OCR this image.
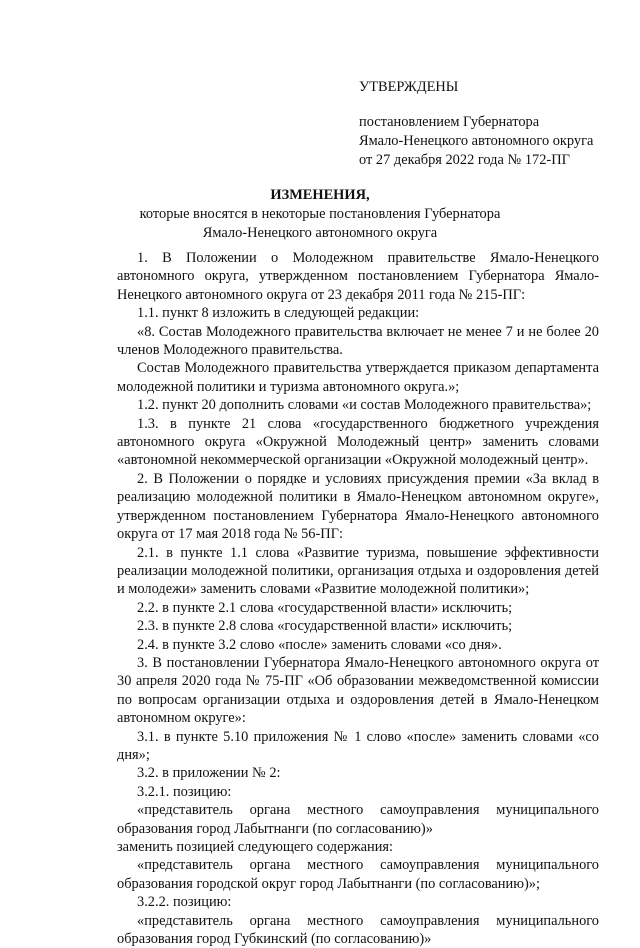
УТВЕРЖДЕНЫ
постановлением Губернатора
Ямало-Ненецкого автономного округа
от 27 декабря 2022 года № 172-ПГ
ИЗМЕНЕНИЯ,
которые вносятся в некоторые постановления Губернатора
Ямало-Ненецкого автономного округа

1. В Положении о Молодежном правительстве Ямало-Ненецкого автономного округа, утвержденном постановлением Губернатора Ямало-Ненецкого автономного округа от 23 декабря 2011 года № 215-ПГ:

1.1. пункт 8 изложить в следующей редакции:

«8. Состав Молодежного правительства включает не менее 7 и не более 20 членов Молодежного правительства.

Состав Молодежного правительства утверждается приказом департамента молодежной политики и туризма автономного округа.»;

1.2. пункт 20 дополнить словами «и состав Молодежного правительства»;

1.3. в пункте 21 слова «государственного бюджетного учреждения автономного округа «Окружной Молодежный центр» заменить словами «автономной некоммерческой организации «Окружной молодежный центр».

2. В Положении о порядке и условиях присуждения премии «За вклад в реализацию молодежной политики в Ямало-Ненецком автономном округе», утвержденном постановлением Губернатора Ямало-Ненецкого автономного округа от 17 мая 2018 года № 56-ПГ:

2.1. в пункте 1.1 слова «Развитие туризма, повышение эффективности реализации молодежной политики, организация отдыха и оздоровления детей и молодежи» заменить словами «Развитие молодежной политики»;

2.2. в пункте 2.1 слова «государственной власти» исключить;

2.3. в пункте 2.8 слова «государственной власти» исключить;

2.4. в пункте 3.2 слово «после» заменить словами «со дня».

3. В постановлении Губернатора Ямало-Ненецкого автономного округа от 30 апреля 2020 года № 75-ПГ «Об образовании межведомственной комиссии по вопросам организации отдыха и оздоровления детей в Ямало-Ненецком автономном округе»:

3.1. в пункте 5.10 приложения № 1 слово «после» заменить словами «со дня»;

3.2. в приложении № 2:

3.2.1. позицию:

«представитель органа местного самоуправления муниципального образования город Лабытнанги (по согласованию)»

заменить позицией следующего содержания:

«представитель органа местного самоуправления муниципального образования городской округ город Лабытнанги (по согласованию)»;

3.2.2. позицию:

«представитель органа местного самоуправления муниципального образования город Губкинский (по согласованию)»
